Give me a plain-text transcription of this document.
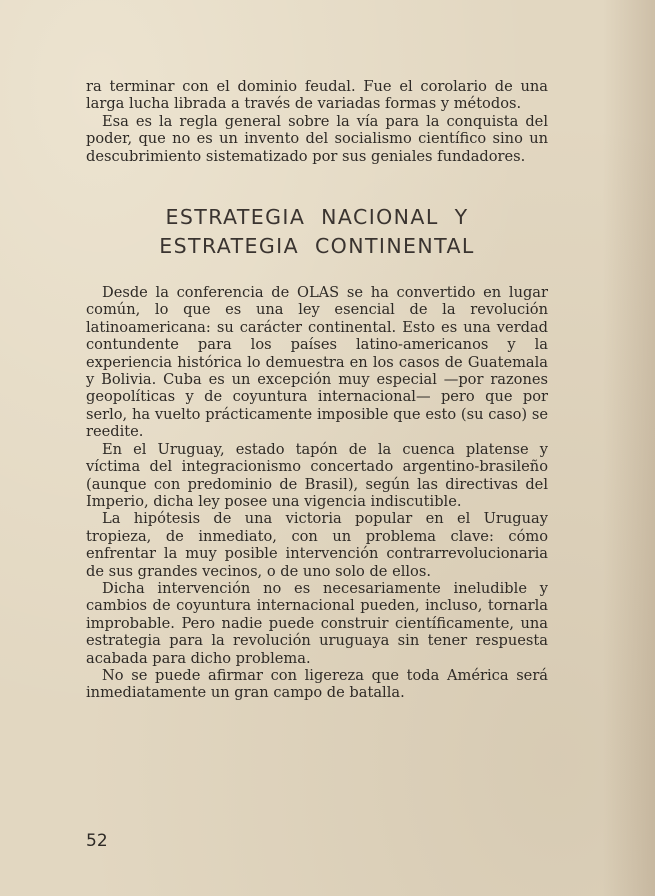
ra terminar con el dominio feudal. Fue el corolario de una larga lucha librada a través de variadas formas y métodos.

Esa es la regla general sobre la vía para la conquista del poder, que no es un invento del socialismo científico sino un descubrimiento sistematizado por sus geniales fundadores.

ESTRATEGIA NACIONAL Y
ESTRATEGIA CONTINENTAL

Desde la conferencia de OLAS se ha convertido en lugar común, lo que es una ley esencial de la revolución latinoamericana: su carácter continental. Esto es una verdad contundente para los países latino-americanos y la experiencia histórica lo demuestra en los casos de Guatemala y Bolivia. Cuba es un excepción muy especial —por razones geopolíticas y de coyuntura internacional— pero que por serlo, ha vuelto prácticamente imposible que esto (su caso) se reedite.

En el Uruguay, estado tapón de la cuenca platense y víctima del integracionismo concertado argentino-brasileño (aunque con predominio de Brasil), según las directivas del Imperio, dicha ley posee una vigencia indiscutible.

La hipótesis de una victoria popular en el Uruguay tropieza, de inmediato, con un problema clave: cómo enfrentar la muy posible intervención contrarrevolucionaria de sus grandes vecinos, o de uno solo de ellos.

Dicha intervención no es necesariamente ineludible y cambios de coyuntura internacional pueden, incluso, tornarla improbable. Pero nadie puede construir científicamente, una estrategia para la revolución uruguaya sin tener respuesta acabada para dicho problema.

No se puede afirmar con ligereza que toda América será inmediatamente un gran campo de batalla.

52
